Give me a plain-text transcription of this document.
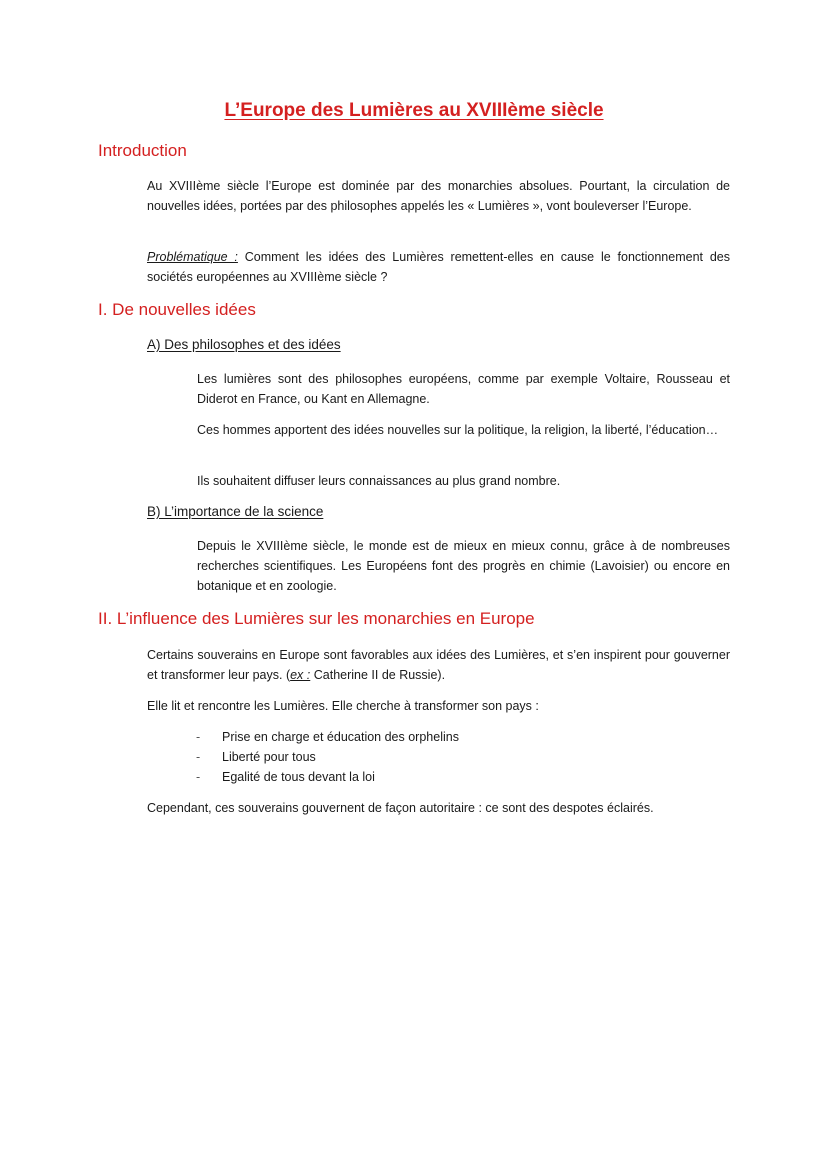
L’Europe des Lumières au XVIIIème siècle
Introduction
Au XVIIIème siècle l’Europe est dominée par des monarchies absolues. Pourtant, la circulation de nouvelles idées, portées par des philosophes appelés les « Lumières », vont bouleverser l’Europe.
Problématique : Comment les idées des Lumières remettent-elles en cause le fonctionnement des sociétés européennes au XVIIIème siècle ?
I. De nouvelles idées
A) Des philosophes et des idées
Les lumières sont des philosophes européens, comme par exemple Voltaire, Rousseau et Diderot en France, ou Kant en Allemagne.
Ces hommes apportent des idées nouvelles sur la politique, la religion, la liberté, l’éducation…
Ils souhaitent diffuser leurs connaissances au plus grand nombre.
B) L’importance de la science
Depuis le XVIIIème siècle, le monde est de mieux en mieux connu, grâce à de nombreuses recherches scientifiques. Les Européens font des progrès en chimie (Lavoisier) ou encore en botanique et en zoologie.
II. L’influence des Lumières sur les monarchies en Europe
Certains souverains en Europe sont favorables aux idées des Lumières, et s’en inspirent pour gouverner et transformer leur pays. (ex : Catherine II de Russie).
Elle lit et rencontre les Lumières. Elle cherche à transformer son pays :
- Prise en charge et éducation des orphelins
- Liberté pour tous
- Egalité de tous devant la loi
Cependant, ces souverains gouvernent de façon autoritaire : ce sont des despotes éclairés.
